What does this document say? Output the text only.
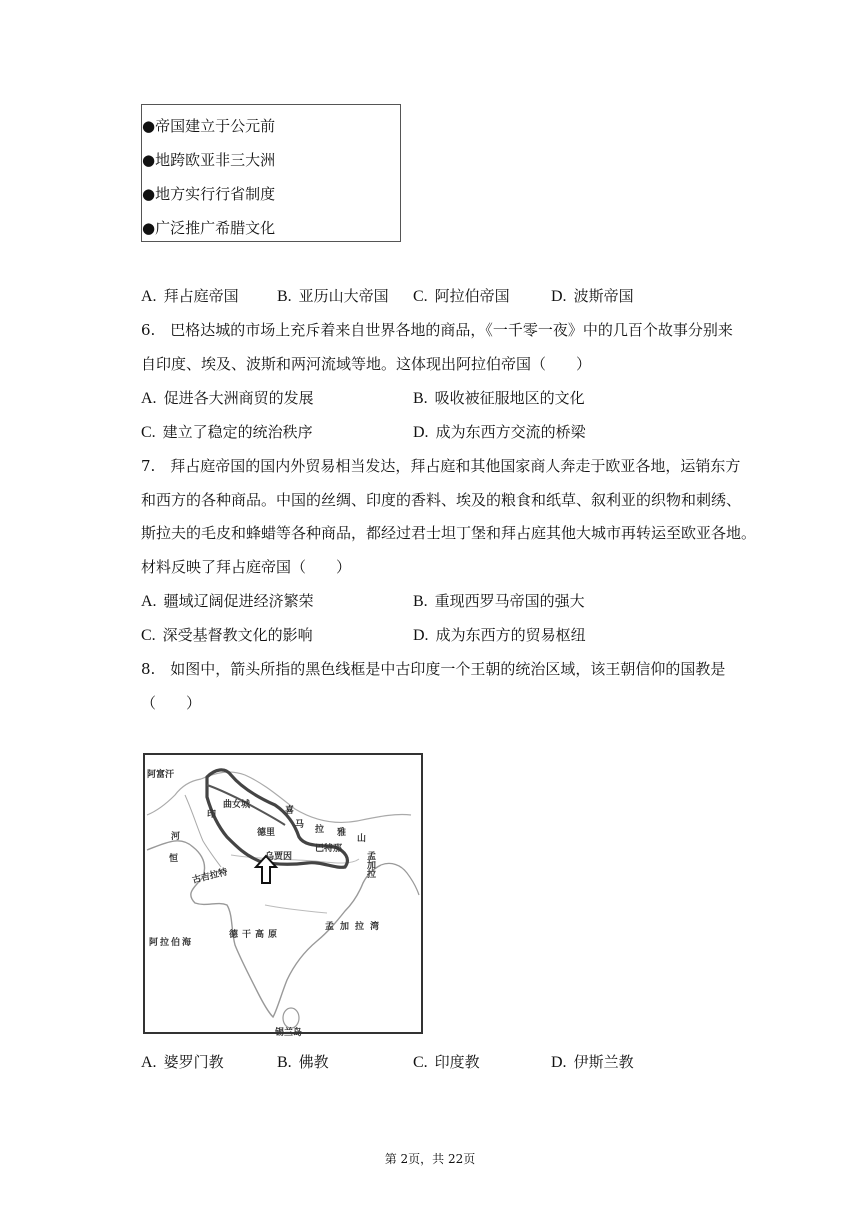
●帝国建立于公元前
●地跨欧亚非三大洲
●地方实行行省制度
●广泛推广希腊文化
A. 拜占庭帝国 B. 亚历山大帝国 C. 阿拉伯帝国	D. 波斯帝国
6.　巴格达城的市场上充斥着来自世界各地的商品，《一千零一夜》中的几百个故事分别来
自印度、埃及、波斯和两河流域等地。这体现出阿拉伯帝国（　　）
A. 促进各大洲商贸的发展	B. 吸收被征服地区的文化
C. 建立了稳定的统治秩序	D. 成为东西方交流的桥梁
7.　拜占庭帝国的国内外贸易相当发达，拜占庭和其他国家商人奔走于欧亚各地，运销东方
和西方的各种商品。中国的丝绸、印度的香料、埃及的粮食和纸草、叙利亚的织物和刺绣、
斯拉夫的毛皮和蜂蜡等各种商品，都经过君士坦丁堡和拜占庭其他大城市再转运至欧亚各地。
材料反映了拜占庭帝国（　　）
A. 疆域辽阔促进经济繁荣	B. 重现西罗马帝国的强大
C. 深受基督教文化的影响	D. 成为东西方的贸易枢纽
8.　如图中，箭头所指的黑色线框是中古印度一个王朝的统治区域，该王朝信仰的国教是
（　　）
阿富汗
印
河
恒
古吉拉特
曲女城
德里
乌贾因
马 拉 雅
山
喜
巴特那
孟加拉
德干高原
阿拉伯海
孟加拉湾
锡兰岛
A. 婆罗门教	B. 佛教	C. 印度教	D. 伊斯兰教
第 2页，共 22页
